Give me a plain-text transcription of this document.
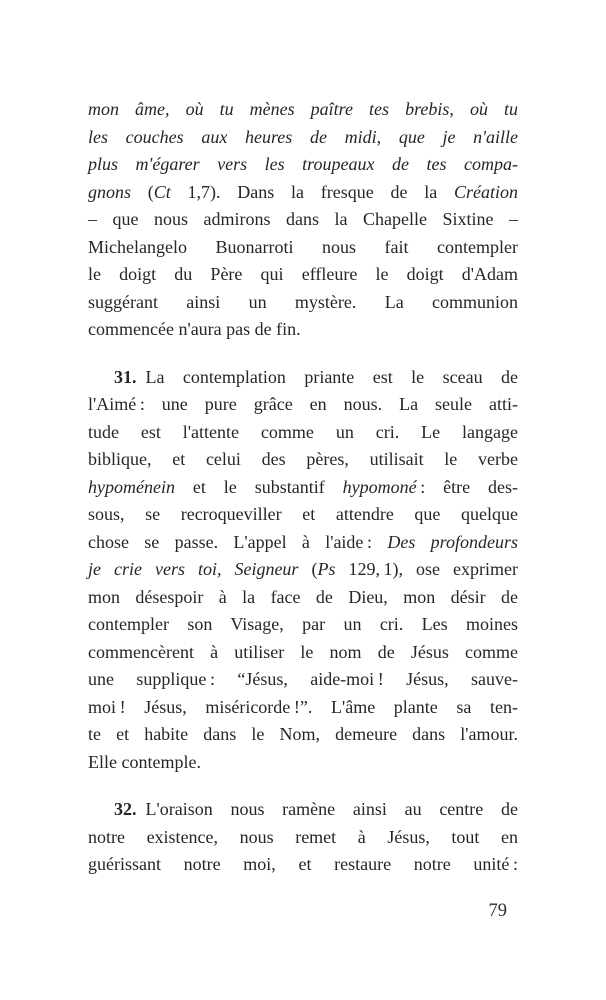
mon âme, où tu mènes paître tes brebis, où tu
les couches aux heures de midi, que je n'aille
plus m'égarer vers les troupeaux de tes compa-
gnons (Ct 1,7). Dans la fresque de la Création
– que nous admirons dans la Chapelle Sixtine –
Michelangelo Buonarroti nous fait contempler
le doigt du Père qui effleure le doigt d'Adam
suggérant ainsi un mystère. La communion
commencée n'aura pas de fin.
31. La contemplation priante est le sceau de
l'Aimé : une pure grâce en nous. La seule atti-
tude est l'attente comme un cri. Le langage
biblique, et celui des pères, utilisait le verbe
hypoménein et le substantif hypomoné : être des-
sous, se recroqueviller et attendre que quelque
chose se passe. L'appel à l'aide : Des profondeurs
je crie vers toi, Seigneur (Ps 129, 1), ose exprimer
mon désespoir à la face de Dieu, mon désir de
contempler son Visage, par un cri. Les moines
commencèrent à utiliser le nom de Jésus comme
une supplique : “Jésus, aide-moi ! Jésus, sauve-
moi ! Jésus, miséricorde !”. L'âme plante sa ten-
te et habite dans le Nom, demeure dans l'amour.
Elle contemple.
32. L'oraison nous ramène ainsi au centre de
notre existence, nous remet à Jésus, tout en
guérissant notre moi, et restaure notre unité :
79
